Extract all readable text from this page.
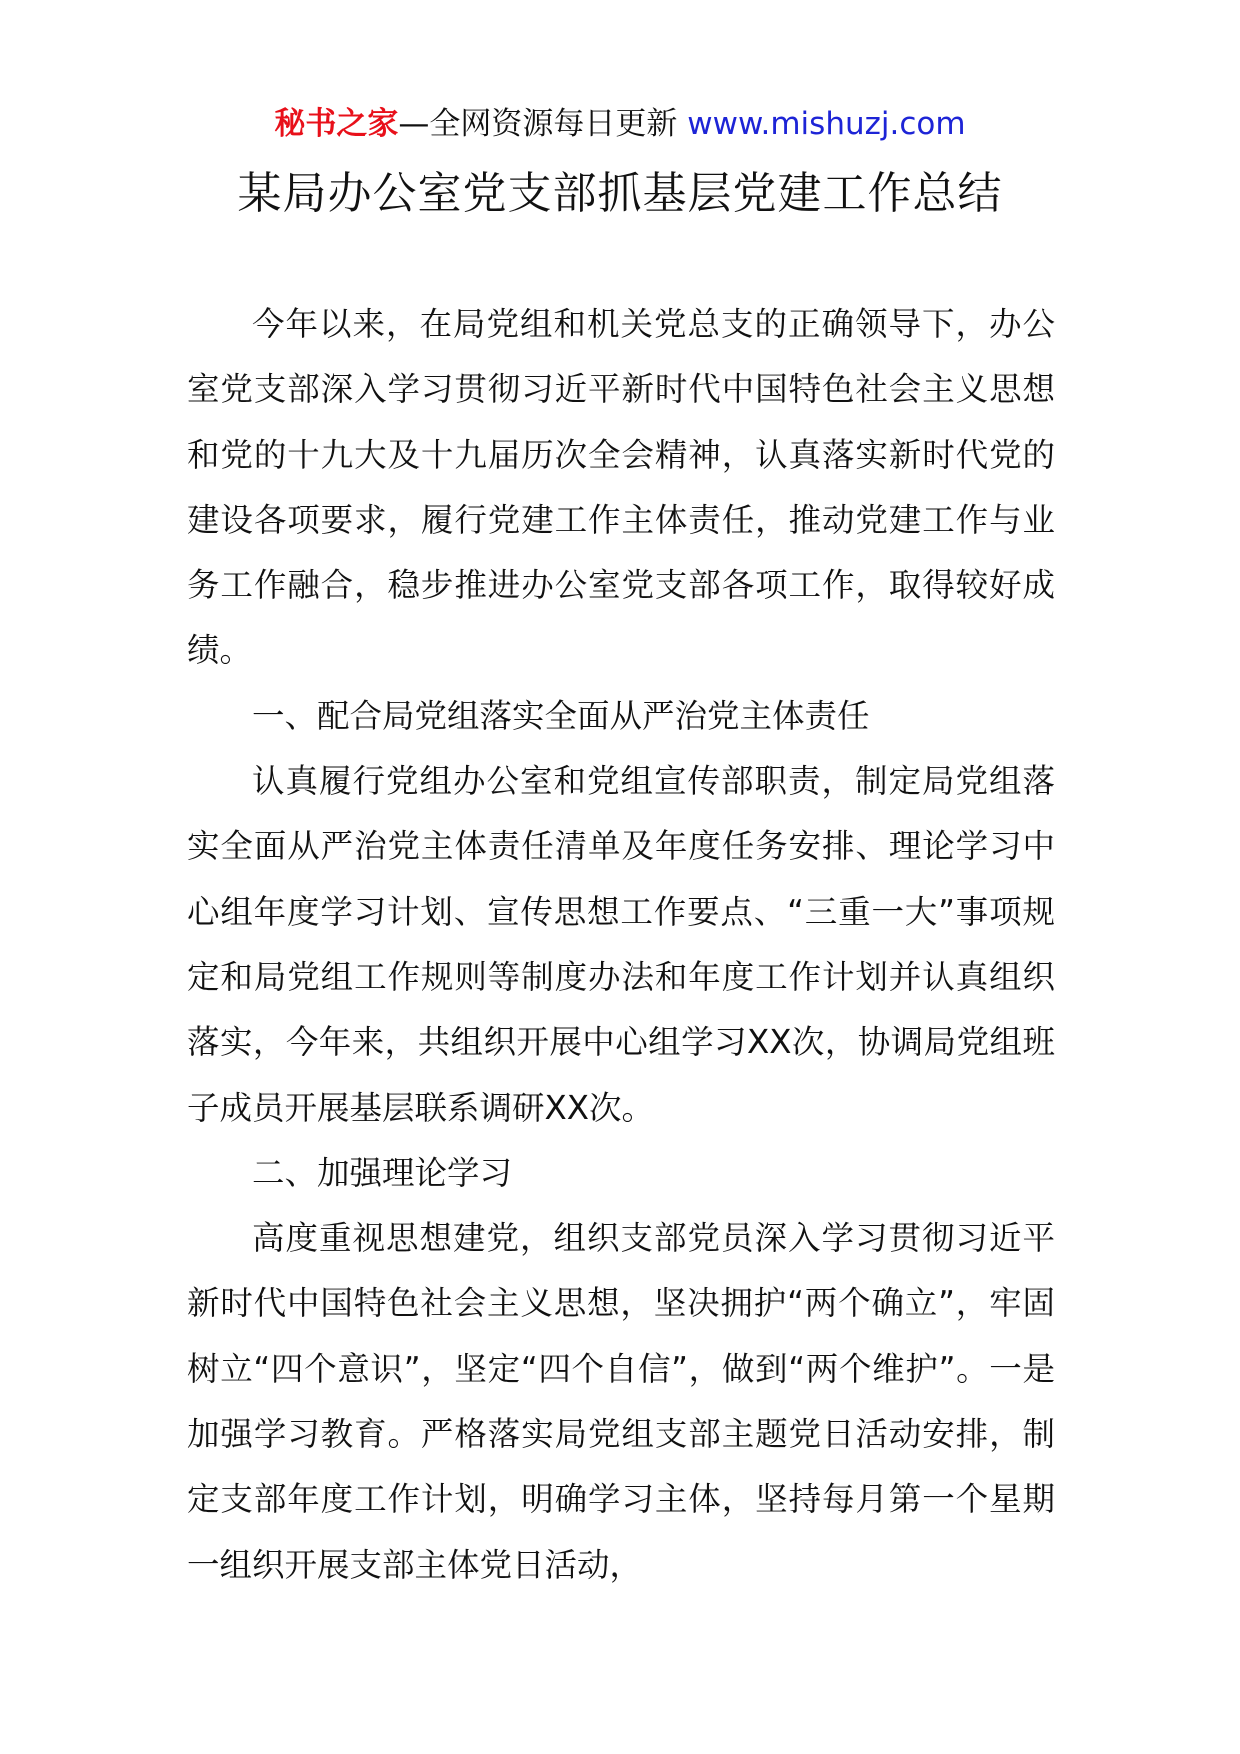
秘书之家—全网资源每日更新 www.mishuzj.com
某局办公室党支部抓基层党建工作总结

今年以来，在局党组和机关党总支的正确领导下，办公室党支部深入学习贯彻习近平新时代中国特色社会主义思想和党的十九大及十九届历次全会精神，认真落实新时代党的建设各项要求，履行党建工作主体责任，推动党建工作与业务工作融合，稳步推进办公室党支部各项工作，取得较好成绩。

一、配合局党组落实全面从严治党主体责任

认真履行党组办公室和党组宣传部职责，制定局党组落实全面从严治党主体责任清单及年度任务安排、理论学习中心组年度学习计划、宣传思想工作要点、“三重一大”事项规定和局党组工作规则等制度办法和年度工作计划并认真组织落实，今年来，共组织开展中心组学习XX次，协调局党组班子成员开展基层联系调研XX次。

二、加强理论学习

高度重视思想建党，组织支部党员深入学习贯彻习近平新时代中国特色社会主义思想，坚决拥护“两个确立”，牢固树立“四个意识”，坚定“四个自信”，做到“两个维护”。一是加强学习教育。严格落实局党组支部主题党日活动安排，制定支部年度工作计划，明确学习主体，坚持每月第一个星期一组织开展支部主体党日活动，
